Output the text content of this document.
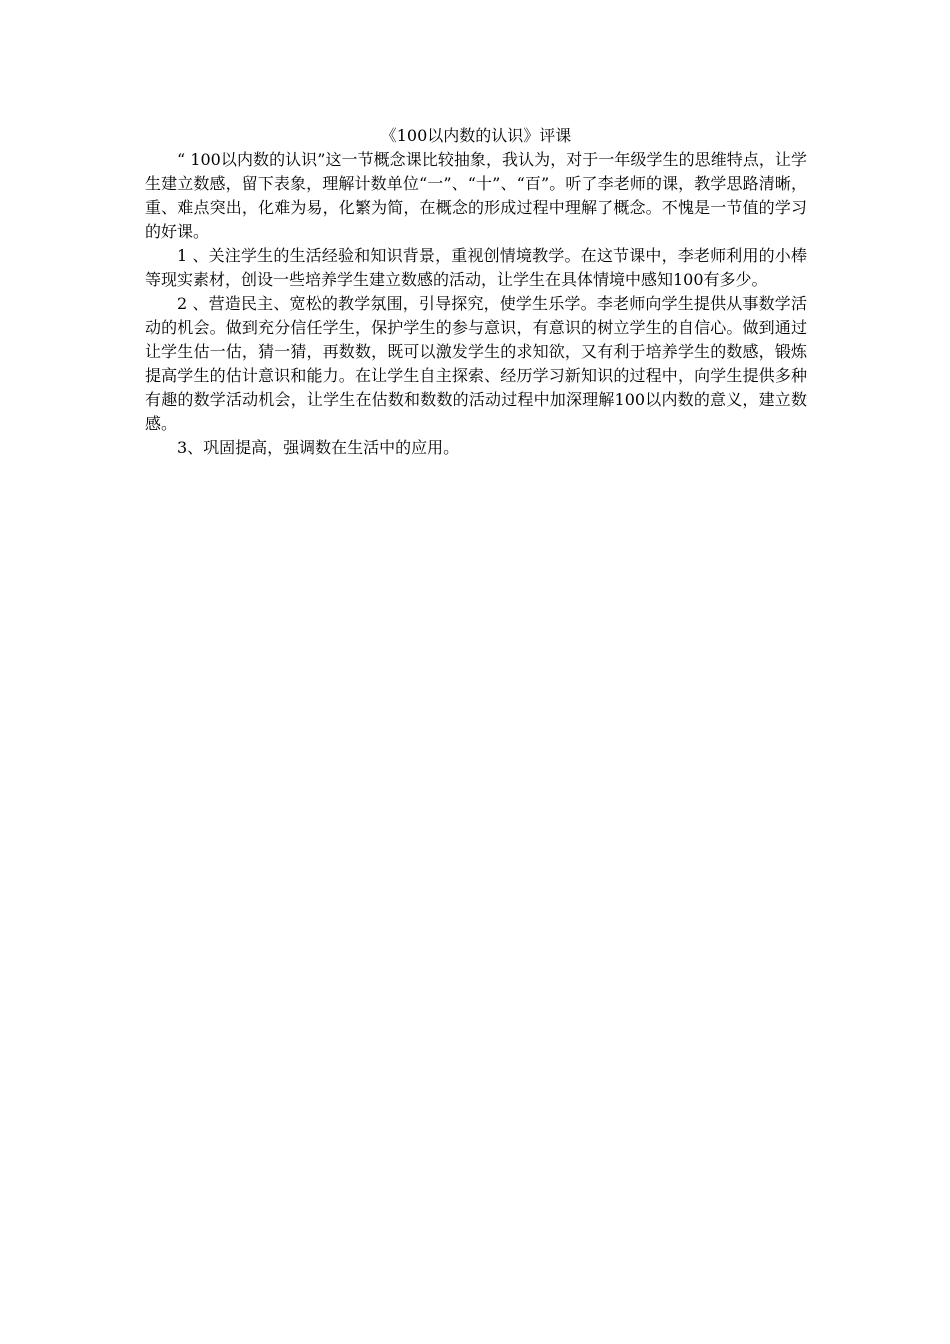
《100以内数的认识》评课

“ 100以内数的认识”这一节概念课比较抽象，我认为，对于一年级学生的思维特点，让学生建立数感，留下表象，理解计数单位“一”、“十”、“百”。听了李老师的课，教学思路清晰，重、难点突出，化难为易，化繁为简，在概念的形成过程中理解了概念。不愧是一节值的学习的好课。

1 、关注学生的生活经验和知识背景，重视创情境教学。在这节课中，李老师利用的小棒等现实素材，创设一些培养学生建立数感的活动，让学生在具体情境中感知100有多少。

2 、营造民主、宽松的教学氛围，引导探究，使学生乐学。李老师向学生提供从事数学活动的机会。做到充分信任学生，保护学生的参与意识，有意识的树立学生的自信心。做到通过让学生估一估，猜一猜，再数数，既可以激发学生的求知欲，又有利于培养学生的数感，锻炼提高学生的估计意识和能力。在让学生自主探索、经历学习新知识的过程中，向学生提供多种有趣的数学活动机会，让学生在估数和数数的活动过程中加深理解100以内数的意义，建立数感。

3、巩固提高，强调数在生活中的应用。
